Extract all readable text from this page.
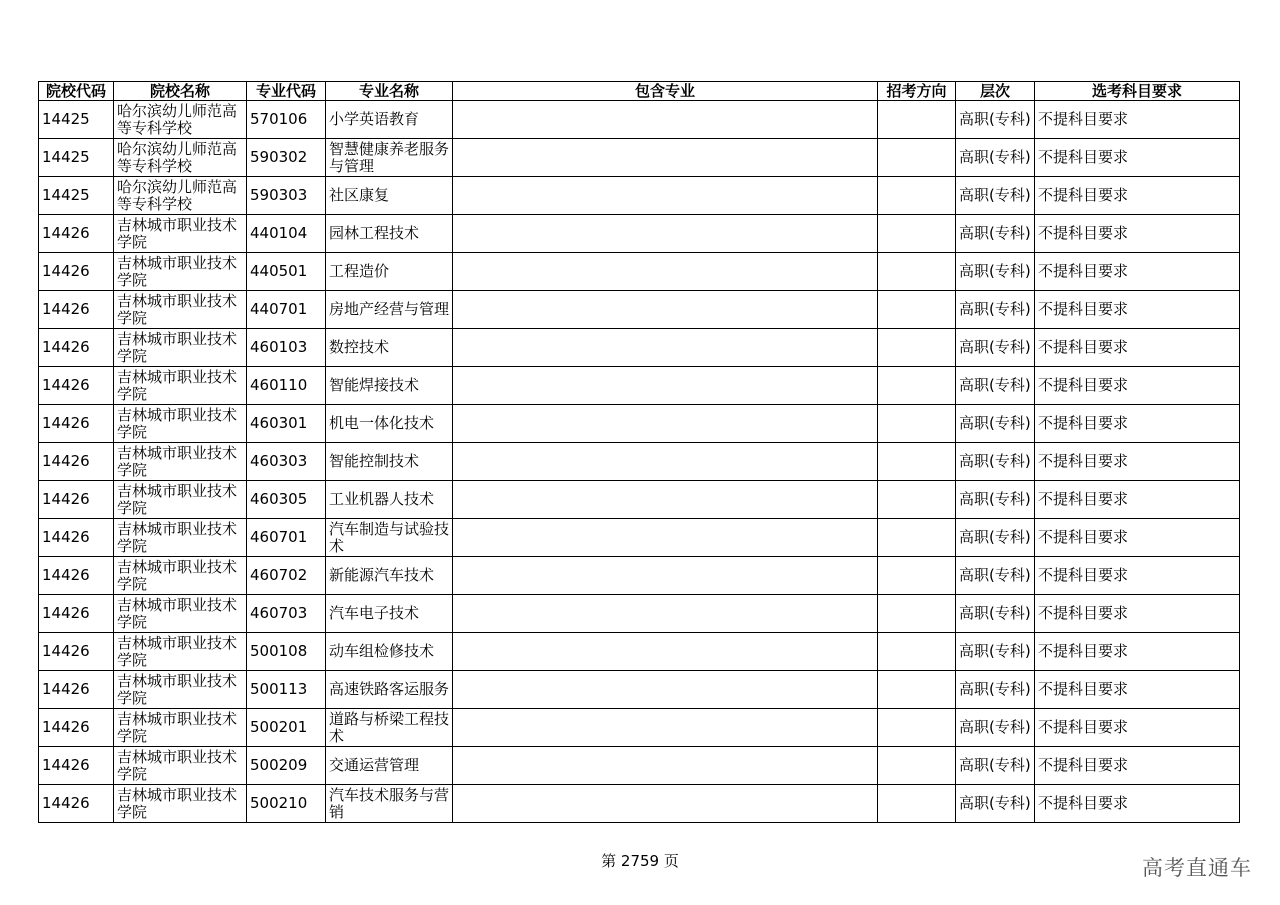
院校代码	院校名称	专业代码	专业名称	包含专业	招考方向	层次	选考科目要求
14425	哈尔滨幼儿师范高等专科学校	570106	小学英语教育			高职(专科)	不提科目要求
14425	哈尔滨幼儿师范高等专科学校	590302	智慧健康养老服务与管理			高职(专科)	不提科目要求
14425	哈尔滨幼儿师范高等专科学校	590303	社区康复			高职(专科)	不提科目要求
14426	吉林城市职业技术学院	440104	园林工程技术			高职(专科)	不提科目要求
14426	吉林城市职业技术学院	440501	工程造价			高职(专科)	不提科目要求
14426	吉林城市职业技术学院	440701	房地产经营与管理			高职(专科)	不提科目要求
14426	吉林城市职业技术学院	460103	数控技术			高职(专科)	不提科目要求
14426	吉林城市职业技术学院	460110	智能焊接技术			高职(专科)	不提科目要求
14426	吉林城市职业技术学院	460301	机电一体化技术			高职(专科)	不提科目要求
14426	吉林城市职业技术学院	460303	智能控制技术			高职(专科)	不提科目要求
14426	吉林城市职业技术学院	460305	工业机器人技术			高职(专科)	不提科目要求
14426	吉林城市职业技术学院	460701	汽车制造与试验技术			高职(专科)	不提科目要求
14426	吉林城市职业技术学院	460702	新能源汽车技术			高职(专科)	不提科目要求
14426	吉林城市职业技术学院	460703	汽车电子技术			高职(专科)	不提科目要求
14426	吉林城市职业技术学院	500108	动车组检修技术			高职(专科)	不提科目要求
14426	吉林城市职业技术学院	500113	高速铁路客运服务			高职(专科)	不提科目要求
14426	吉林城市职业技术学院	500201	道路与桥梁工程技术			高职(专科)	不提科目要求
14426	吉林城市职业技术学院	500209	交通运营管理			高职(专科)	不提科目要求
14426	吉林城市职业技术学院	500210	汽车技术服务与营销			高职(专科)	不提科目要求
第 2759 页	高考直通车
